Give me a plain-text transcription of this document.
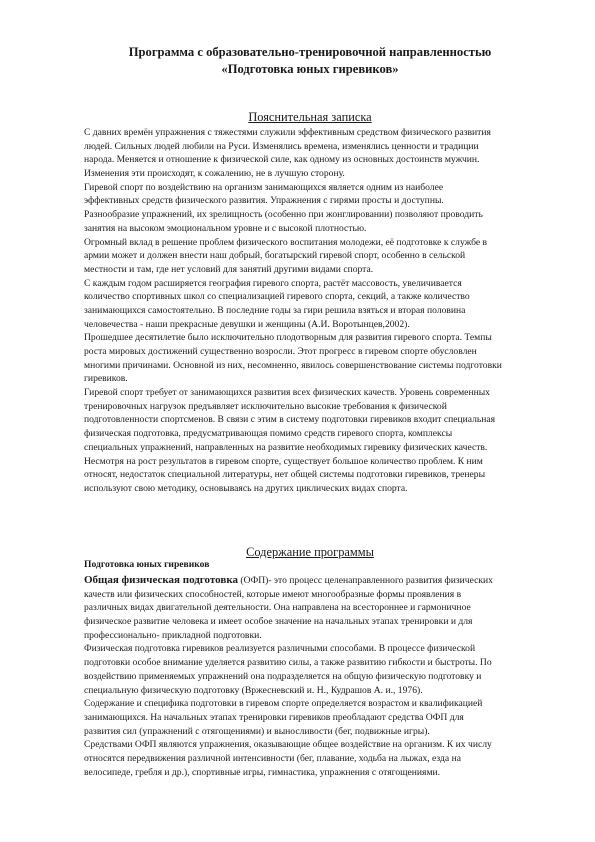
Программа с образовательно-тренировочной направленностью
«Подготовка юных гиревиков»
Пояснительная записка
С давних времён упражнения с тяжестями служили эффективным средством физического развития
людей. Сильных людей любили на Руси. Изменялись времена, изменялись ценности и традиции
народа. Меняется и отношение к физической силе, как одному из основных достоинств мужчин.
Изменения эти происходят, к сожалению, не в лучшую сторону.
Гиревой спорт по воздействию на организм занимающихся является одним из наиболее
эффективных средств физического развития. Упражнения с гирями просты и доступны.
Разнообразие упражнений, их зрелищность (особенно при жонглировании) позволяют проводить
занятия на высоком эмоциональном уровне и с высокой плотностью.
Огромный вклад в решение проблем физического воспитания молодежи, её подготовке к службе в
армии может и должен внести наш добрый, богатырский гиревой спорт, особенно в сельской
местности и там, где нет условий для занятий другими видами спорта.
С каждым годом расширяется география гиревого спорта, растёт массовость, увеличивается
количество спортивных школ со специализацией гиревого спорта, секций, а также количество
занимающихся самостоятельно. В последние годы за гири решила взяться и вторая половина
человечества - наши прекрасные девушки и женщины (А.И. Воротынцев,2002).
Прошедшее десятилетие было исключительно плодотворным для развития гиревого спорта. Темпы
роста мировых достижений существенно возросли. Этот прогресс в гиревом спорте обусловлен
многими причинами. Основной из них, несомненно, явилось совершенствование системы подготовки
гиревиков.
Гиревой спорт требует от занимающихся развития всех физических качеств. Уровень современных
тренировочных нагрузок предъявляет исключительно высокие требования к физической
подготовленности спортсменов. В связи с этим в систему подготовки гиревиков входит специальная
физическая подготовка, предусматривающая помимо средств гиревого спорта, комплексы
специальных упражнений, направленных на развитие необходимых гиревику физических качеств.
Несмотря на рост результатов в гиревом спорте, существует большое количество проблем. К ним
относят, недостаток специальной литературы, нет общей системы подготовки гиревиков, тренеры
используют свою методику, основываясь на других циклических видах спорта.
Содержание программы
Подготовка юных гиревиков
Общая физическая подготовка (ОФП)- это процесс целенаправленного развития физических
качеств или физических способностей, которые имеют многообразные формы проявления в
различных видах двигательной деятельности. Она направлена на всестороннее и гармоничное
физическое развитие человека и имеет особое значение на начальных этапах тренировки и для
профессионально- прикладной подготовки.
Физическая подготовка гиревиков реализуется различными способами. В процессе физической
подготовки особое внимание уделяется развитию силы, а также развитию гибкости и быстроты. По
воздействию применяемых упражнений она подразделяется на общую физическую подготовку и
специальную физическую подготовку (Вржесневский и. Н., Кудрашов А. и., 1976).
Содержание и специфика подготовки в гиревом спорте определяется возрастом и квалификацией
занимающихся. На начальных этапах тренировки гиревиков преобладают средства ОФП для
развития сил (упражнений с отягощениями) и выносливости (бег, подвижные игры).
Средствами ОФП являются упражнения, оказывающие общее воздействие на организм. К их числу
относятся передвижения различной интенсивности (бег, плавание, ходьба на лыжах, езда на
велосипеде, гребля и др.), спортивные игры, гимнастика, упражнения с отягощениями.
